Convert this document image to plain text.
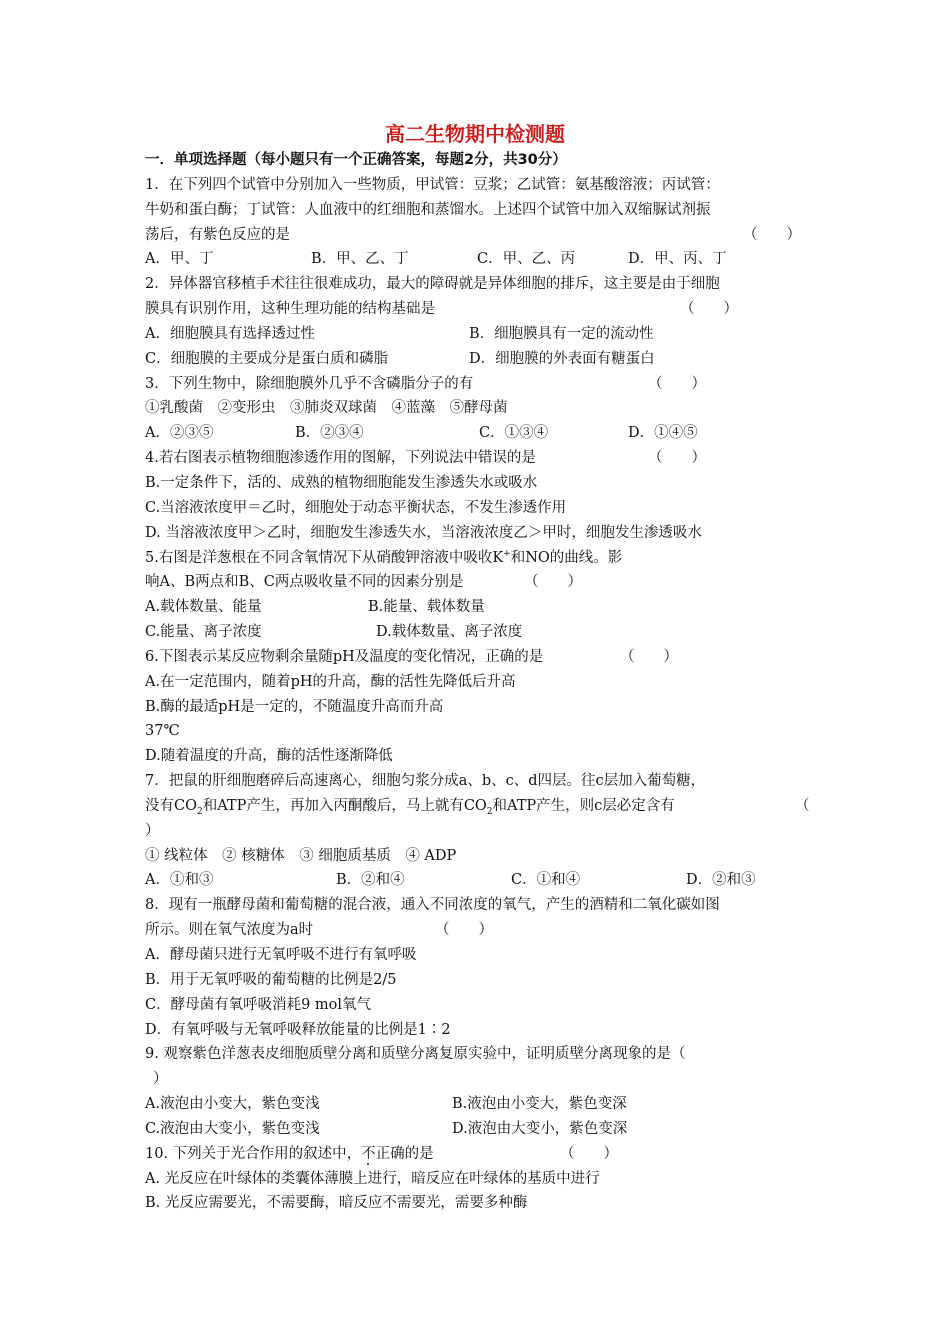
高二生物期中检测题
一．单项选择题（每小题只有一个正确答案，每题2分，共30分）
1．在下列四个试管中分别加入一些物质，甲试管：豆浆；乙试管：氨基酸溶液；丙试管：
牛奶和蛋白酶；丁试管：人血液中的红细胞和蒸馏水。上述四个试管中加入双缩脲试剂振
荡后，有紫色反应的是	（　　）
A．甲、丁	B．甲、乙、丁	C．甲、乙、丙	D．甲、丙、丁
2．异体器官移植手术往往很难成功，最大的障碍就是异体细胞的排斥，这主要是由于细胞
膜具有识别作用，这种生理功能的结构基础是	（　　）
A．细胞膜具有选择透过性	B．细胞膜具有一定的流动性
C．细胞膜的主要成分是蛋白质和磷脂	D．细胞膜的外表面有糖蛋白
3．下列生物中，除细胞膜外几乎不含磷脂分子的有	（　　）
①乳酸菌　②变形虫　③肺炎双球菌　④蓝藻　⑤酵母菌
A．②③⑤	B．②③④	C．①③④	D．①④⑤
4.若右图表示植物细胞渗透作用的图解，下列说法中错误的是	（　　）
B.一定条件下，活的、成熟的植物细胞能发生渗透失水或吸水
C.当溶液浓度甲＝乙时，细胞处于动态平衡状态，不发生渗透作用
D. 当溶液浓度甲＞乙时，细胞发生渗透失水，当溶液浓度乙＞甲时，细胞发生渗透吸水
5.右图是洋葱根在不同含氧情况下从硝酸钾溶液中吸收K+和NO的曲线。影
响A、B两点和B、C两点吸收量不同的因素分别是	（　　）
A.载体数量、能量	B.能量、载体数量
C.能量、离子浓度	D.载体数量、离子浓度
6.下图表示某反应物剩余量随pH及温度的变化情况，正确的是	（　　）
A.在一定范围内，随着pH的升高，酶的活性先降低后升高
B.酶的最适pH是一定的，不随温度升高而升高
37℃
D.随着温度的升高，酶的活性逐渐降低
7．把鼠的肝细胞磨碎后高速离心，细胞匀浆分成a、b、c、d四层。往c层加入葡萄糖，
没有$CO_2$和ATP产生，再加入丙酮酸后，马上就有$CO_2$和ATP产生，则c层必定含有	（
）
① 线粒体　② 核糖体　③ 细胞质基质　④ ADP
A．①和③	B．②和④	C．①和④	D．②和③
8．现有一瓶酵母菌和葡萄糖的混合液，通入不同浓度的氧气，产生的酒精和二氧化碳如图
所示。则在氧气浓度为a时	（　　）
A．酵母菌只进行无氧呼吸不进行有氧呼吸
B．用于无氧呼吸的葡萄糖的比例是2/5
C．酵母菌有氧呼吸消耗9 mol氧气
D．有氧呼吸与无氧呼吸释放能量的比例是1∶2
9. 观察紫色洋葱表皮细胞质壁分离和质壁分离复原实验中，证明质壁分离现象的是（
）
A.液泡由小变大，紫色变浅	B.液泡由小变大，紫色变深
C.液泡由大变小，紫色变浅	D.液泡由大变小，紫色变深
10. 下列关于光合作用的叙述中，不正确的是	（　　）
A. 光反应在叶绿体的类囊体薄膜上进行，暗反应在叶绿体的基质中进行
B. 光反应需要光，不需要酶，暗反应不需要光，需要多种酶
